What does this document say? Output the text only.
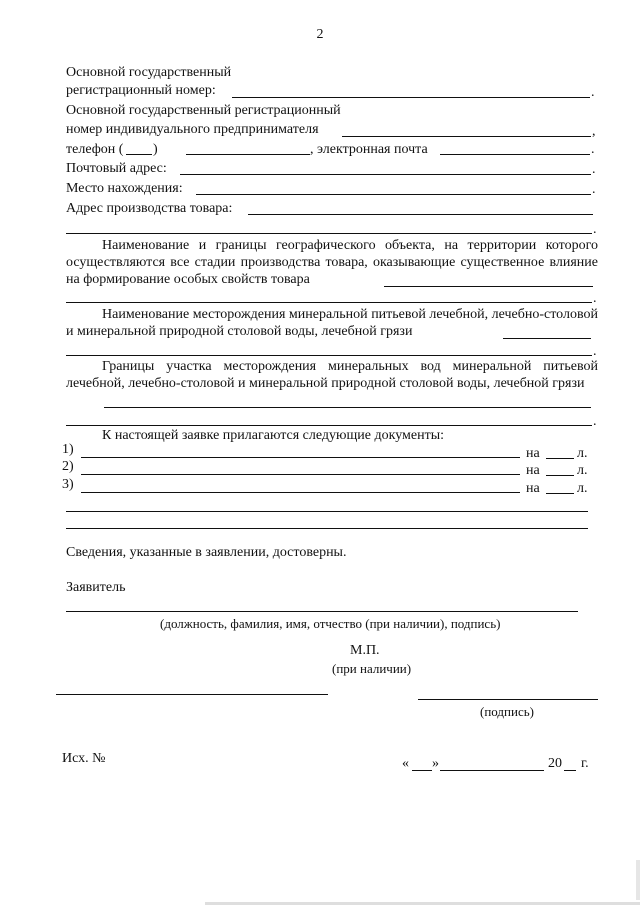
2
Основной государственный
регистрационный номер:	.
Основной государственный регистрационный
номер индивидуального предпринимателя	,
телефон ( )	, электронная почта	.
Почтовый адрес:	.
Место нахождения:	.
Адрес производства товара:
.
Наименование и границы географического объекта, на территории которого осуществляются все стадии производства товара, оказывающие существенное влияние на формирование особых свойств товара
.
Наименование месторождения минеральной питьевой лечебной, лечебно-столовой и минеральной природной столовой воды, лечебной грязи
.
Границы участка месторождения минеральных вод минеральной питьевой лечебной, лечебно-столовой и минеральной природной столовой воды, лечебной грязи
.
К настоящей заявке прилагаются следующие документы:
1)	на	л.
2)	на	л.
3)	на	л.
Сведения, указанные в заявлении, достоверны.
Заявитель
(должность, фамилия, имя, отчество (при наличии), подпись)
М.П.
(при наличии)
(подпись)
Исх. №	« »	20 г.
